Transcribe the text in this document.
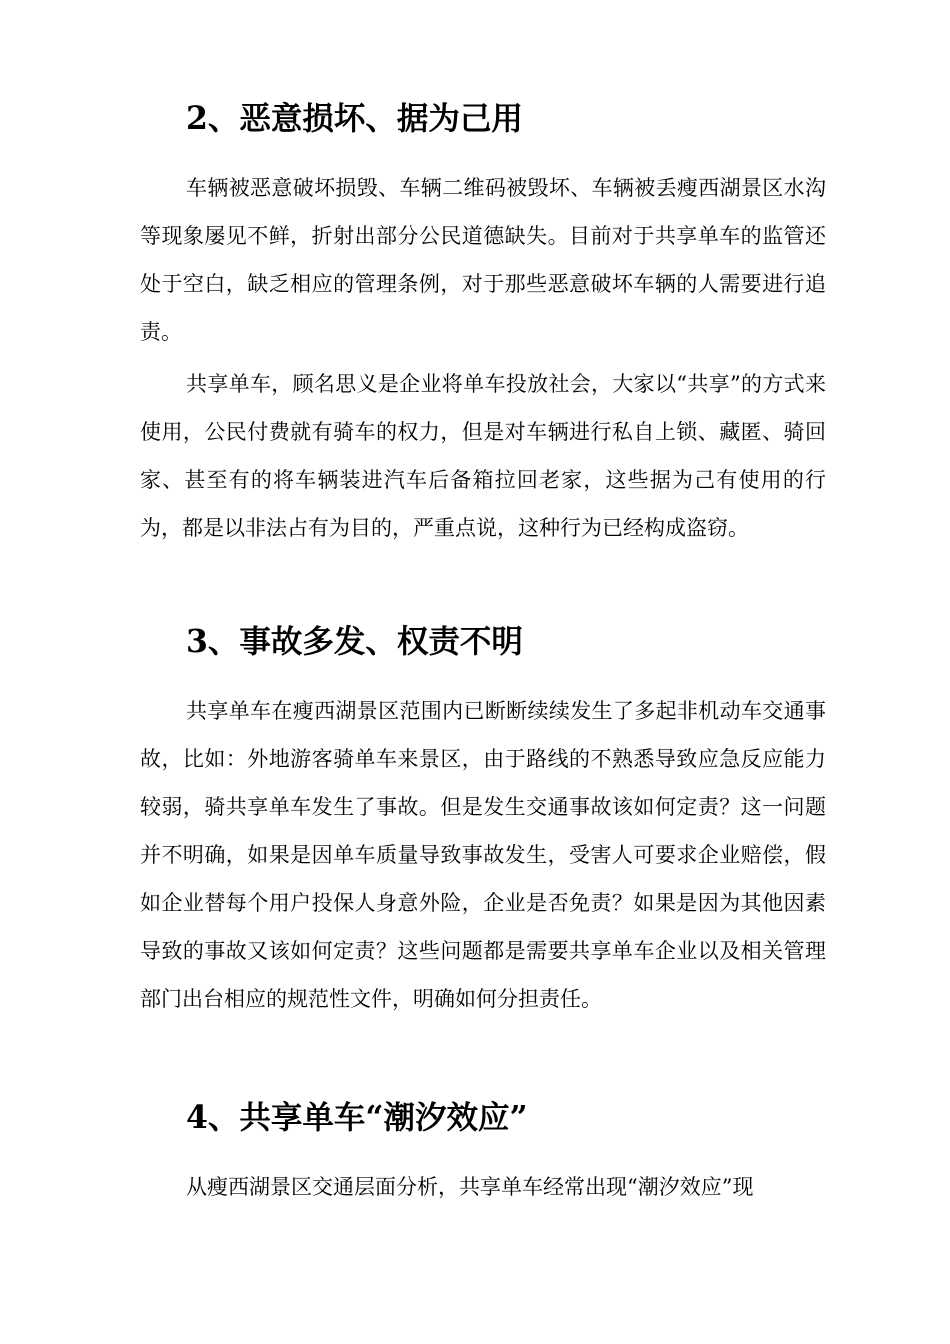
2、恶意损坏、据为己用

车辆被恶意破坏损毁、车辆二维码被毁坏、车辆被丢瘦西湖景区水沟等现象屡见不鲜，折射出部分公民道德缺失。目前对于共享单车的监管还处于空白，缺乏相应的管理条例，对于那些恶意破坏车辆的人需要进行追责。

共享单车，顾名思义是企业将单车投放社会，大家以“共享”的方式来使用，公民付费就有骑车的权力，但是对车辆进行私自上锁、藏匿、骑回家、甚至有的将车辆装进汽车后备箱拉回老家，这些据为己有使用的行为，都是以非法占有为目的，严重点说，这种行为已经构成盗窃。

3、事故多发、权责不明

共享单车在瘦西湖景区范围内已断断续续发生了多起非机动车交通事故，比如：外地游客骑单车来景区，由于路线的不熟悉导致应急反应能力较弱，骑共享单车发生了事故。但是发生交通事故该如何定责？这一问题并不明确，如果是因单车质量导致事故发生，受害人可要求企业赔偿，假如企业替每个用户投保人身意外险，企业是否免责？如果是因为其他因素导致的事故又该如何定责？这些问题都是需要共享单车企业以及相关管理部门出台相应的规范性文件，明确如何分担责任。

4、共享单车“潮汐效应”

从瘦西湖景区交通层面分析，共享单车经常出现“潮汐效应”现
